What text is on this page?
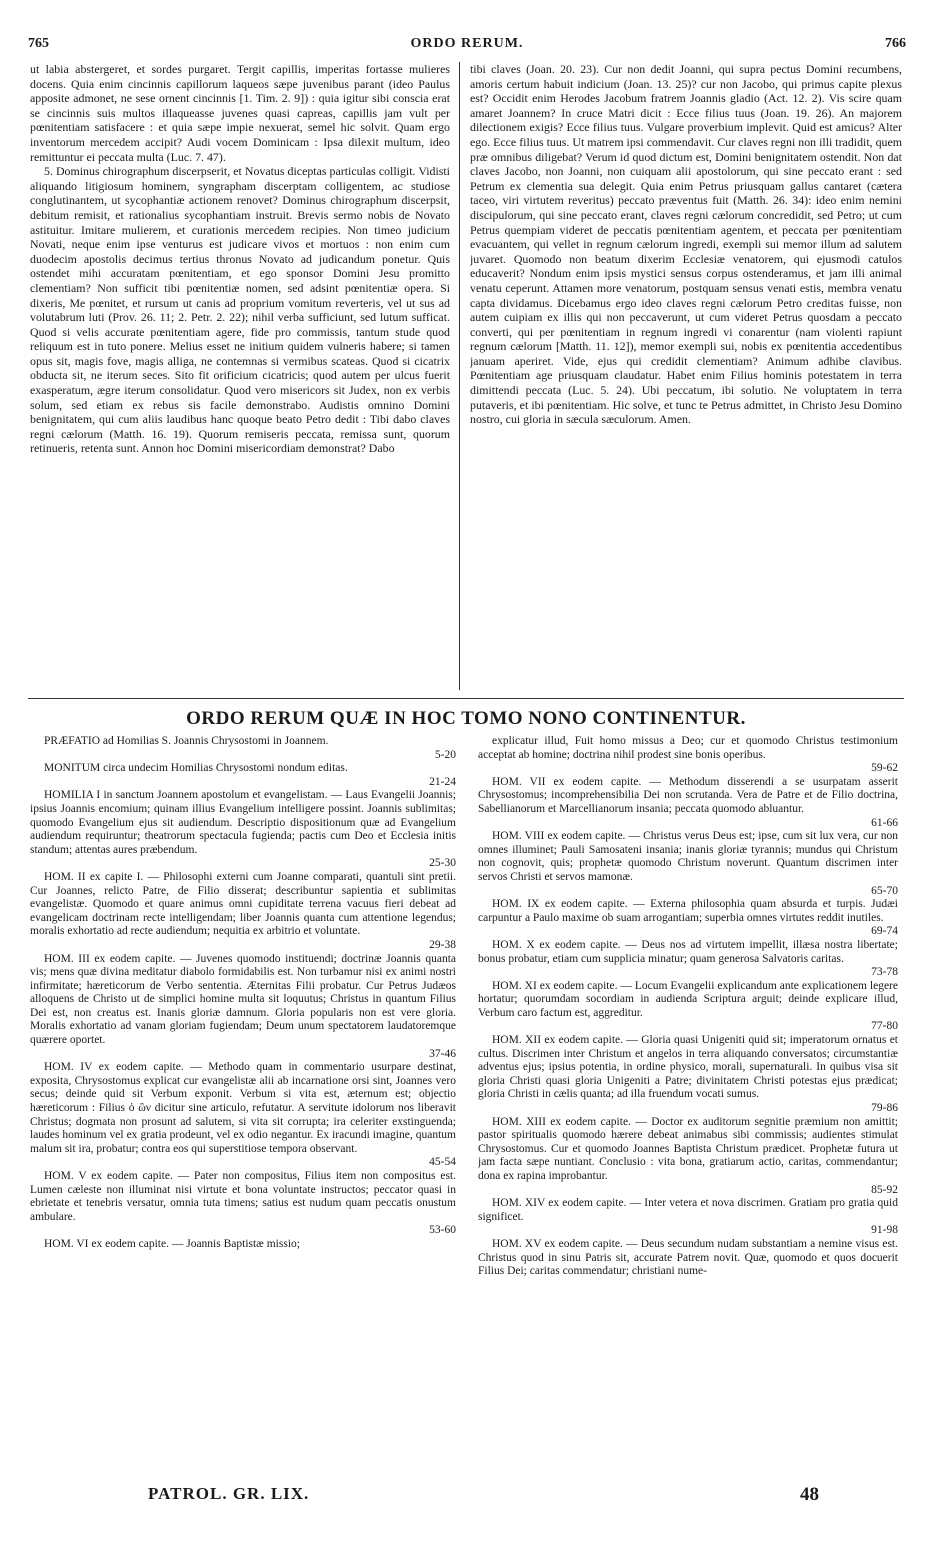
765	ORDO RERUM.	766

ut labia abstergeret, et sordes purgaret. Tergit capillis, imperitas fortasse mulieres docens. Quia enim cincinnis capillorum laqueos sæpe juvenibus parant (ideo Paulus apposite admonet, ne sese ornent cincinnis [1. Tim. 2. 9]) : quia igitur sibi conscia erat se cincinnis suis multos illaqueasse juvenes quasi capreas, capillis jam vult per pœnitentiam satisfacere : et quia sæpe impie nexuerat, semel hic solvit. Quam ergo inventorum mercedem accipit? Audi vocem Dominicam : Ipsa dilexit multum, ideo remittuntur ei peccata multa (Luc. 7. 47).

5. Dominus chirographum discerpserit, et Novatus diceptas particulas colligit. Vidisti aliquando litigiosum hominem, syngrapham discerptam colligentem, ac studiose conglutinantem, ut sycophantiæ actionem renovet? Dominus chirographum discerpsit, debitum remisit, et rationalius sycophantiam instruit. Brevis sermo nobis de Novato astituitur. Imitare mulierem, et curationis mercedem recipies. Non timeo judicium Novati, neque enim ipse venturus est judicare vivos et mortuos : non enim cum duodecim apostolis decimus tertius thronus Novato ad judicandum ponetur. Quis ostendet mihi accuratam pœnitentiam, et ego sponsor Domini Jesu promitto clementiam? Non sufficit tibi pœnitentiæ nomen, sed adsint pœnitentiæ opera. Si dixeris, Me pœnitet, et rursum ut canis ad proprium vomitum reverteris, vel ut sus ad volutabrum luti (Prov. 26. 11; 2. Petr. 2. 22); nihil verba sufficiunt, sed lutum sufficat. Quod si velis accurate pœnitentiam agere, fide pro commissis, tantum stude quod reliquum est in tuto ponere. Melius esset ne initium quidem vulneris habere; si tamen opus sit, magis fove, magis alliga, ne contemnas si vermibus scateas. Quod si cicatrix obducta sit, ne iterum seces. Sito fit orificium cicatricis; quod autem per ulcus fuerit exasperatum, ægre iterum consolidatur. Quod vero misericors sit Judex, non ex verbis solum, sed etiam ex rebus sis facile demonstrabo. Audistis omnino Domini benignitatem, qui cum aliis laudibus hanc quoque beato Petro dedit : Tibi dabo claves regni cælorum (Matth. 16. 19). Quorum remiseris peccata, remissa sunt, quorum retinueris, retenta sunt. Annon hoc Domini misericordiam demonstrat? Dabo

tibi claves (Joan. 20. 23). Cur non dedit Joanni, qui supra pectus Domini recumbens, amoris certum habuit indicium (Joan. 13. 25)? cur non Jacobo, qui primus capite plexus est? Occidit enim Herodes Jacobum fratrem Joannis gladio (Act. 12. 2). Vis scire quam amaret Joannem? In cruce Matri dicit : Ecce filius tuus (Joan. 19. 26). An majorem dilectionem exigis? Ecce filius tuus. Vulgare proverbium implevit. Quid est amicus? Alter ego. Ecce filius tuus. Ut matrem ipsi commendavit. Cur claves regni non illi tradidit, quem præ omnibus diligebat? Verum id quod dictum est, Domini benignitatem ostendit. Non dat claves Jacobo, non Joanni, non cuiquam alii apostolorum, qui sine peccato erant : sed Petrum ex clementia sua delegit. Quia enim Petrus priusquam gallus cantaret (cætera taceo, viri virtutem reveritus) peccato præventus fuit (Matth. 26. 34): ideo enim nemini discipulorum, qui sine peccato erant, claves regni cælorum concredidit, sed Petro; ut cum Petrus quempiam videret de peccatis pœnitentiam agentem, et peccata per pœnitentiam evacuantem, qui vellet in regnum cælorum ingredi, exempli sui memor illum ad salutem juvaret. Quomodo non beatum dixerim Ecclesiæ venatorem, qui ejusmodi catulos educaverit? Nondum enim ipsis mystici sensus corpus ostenderamus, et jam illi animal venatu ceperunt. Attamen more venatorum, postquam sensus venati estis, membra venatu capta dividamus. Dicebamus ergo ideo claves regni cælorum Petro creditas fuisse, non autem cuipiam ex illis qui non peccaverunt, ut cum videret Petrus quosdam a peccato converti, qui per pœnitentiam in regnum ingredi vi conarentur (nam violenti rapiunt regnum cælorum [Matth. 11. 12]), memor exempli sui, nobis ex pœnitentia accedentibus januam aperiret. Vide, ejus qui credidit clementiam? Animum adhibe clavibus. Pœnitentiam age priusquam claudatur. Habet enim Filius hominis potestatem in terra dimittendi peccata (Luc. 5. 24). Ubi peccatum, ibi solutio. Ne voluptatem in terra putaveris, et ibi pœnitentiam. Hic solve, et tunc te Petrus admittet, in Christo Jesu Domino nostro, cui gloria in sæcula sæculorum. Amen.

ORDO RERUM QUÆ IN HOC TOMO NONO CONTINENTUR.

PRÆFATIO ad Homilias S. Joannis Chrysostomi in Joannem.
5-20

MONITUM circa undecim Homilias Chrysostomi nondum editas.
21-24

HOMILIA I in sanctum Joannem apostolum et evangelistam. — Laus Evangelii Joannis; ipsius Joannis encomium; quinam illius Evangelium intelligere possint. Joannis sublimitas; quomodo Evangelium ejus sit audiendum. Descriptio dispositionum quæ ad Evangelium audiendum requiruntur; theatrorum spectacula fugienda; pactis cum Deo et Ecclesia initis standum; attentas aures præbendum.
25-30

HOM. II ex capite I. — Philosophi externi cum Joanne comparati, quantuli sint pretii. Cur Joannes, relicto Patre, de Filio disserat; describuntur sapientia et sublimitas evangelistæ. Quomodo et quare animus omni cupiditate terrena vacuus fieri debeat ad evangelicam doctrinam recte intelligendam; liber Joannis quanta cum attentione legendus; moralis exhortatio ad recte audiendum; nequitia ex arbitrio et voluntate.
29-38

HOM. III ex eodem capite. — Juvenes quomodo instituendi; doctrinæ Joannis quanta vis; mens quæ divina meditatur diabolo formidabilis est. Non turbamur nisi ex animi nostri infirmitate; hæreticorum de Verbo sententia. Æternitas Filii probatur. Cur Petrus Judæos alloquens de Christo ut de simplici homine multa sit loquutus; Christus in quantum Filius Dei est, non creatus est. Inanis gloriæ damnum. Gloria popularis non est vere gloria. Moralis exhortatio ad vanam gloriam fugiendam; Deum unum spectatorem laudatoremque quærere oportet.
37-46

HOM. IV ex eodem capite. — Methodo quam in commentario usurpare destinat, exposita, Chrysostomus explicat cur evangelistæ alii ab incarnatione orsi sint, Joannes vero secus; deinde quid sit Verbum exponit. Verbum si vita est, æternum est; objectio hæreticorum : Filius ὁ ὢν dicitur sine articulo, refutatur. A servitute idolorum nos liberavit Christus; dogmata non prosunt ad salutem, si vita sit corrupta; ira celeriter exstinguenda; laudes hominum vel ex gratia prodeunt, vel ex odio negantur. Ex iracundi imagine, quantum malum sit ira, probatur; contra eos qui superstitiose tempora observant.
45-54

HOM. V ex eodem capite. — Pater non compositus, Filius item non compositus est. Lumen cæleste non illuminat nisi virtute et bona voluntate instructos; peccator quasi in ebrietate et tenebris versatur, omnia tuta timens; satius est nudum quam peccatis onustum ambulare.
53-60

HOM. VI ex eodem capite. — Joannis Baptistæ missio;

explicatur illud, Fuit homo missus a Deo; cur et quomodo Christus testimonium acceptat ab homine; doctrina nihil prodest sine bonis operibus.
59-62

HOM. VII ex eodem capite. — Methodum disserendi a se usurpatam asserit Chrysostomus; incomprehensibilia Dei non scrutanda. Vera de Patre et de Filio doctrina, Sabellianorum et Marcellianorum insania; peccata quomodo abluantur.
61-66

HOM. VIII ex eodem capite. — Christus verus Deus est; ipse, cum sit lux vera, cur non omnes illuminet; Pauli Samosateni insania; inanis gloriæ tyrannis; mundus qui Christum non cognovit, quis; prophetæ quomodo Christum noverunt. Quantum discrimen inter servos Christi et servos mamonæ.
65-70

HOM. IX ex eodem capite. — Externa philosophia quam absurda et turpis. Judæi carpuntur a Paulo maxime ob suam arrogantiam; superbia omnes virtutes reddit inutiles.
69-74

HOM. X ex eodem capite. — Deus nos ad virtutem impellit, illæsa nostra libertate; bonus probatur, etiam cum supplicia minatur; quam generosa Salvatoris caritas.
73-78

HOM. XI ex eodem capite. — Locum Evangelii explicandum ante explicationem legere hortatur; quorumdam socordiam in audienda Scriptura arguit; deinde explicare illud, Verbum caro factum est, aggreditur.
77-80

HOM. XII ex eodem capite. — Gloria quasi Unigeniti quid sit; imperatorum ornatus et cultus. Discrimen inter Christum et angelos in terra aliquando conversatos; circumstantiæ adventus ejus; ipsius potentia, in ordine physico, morali, supernaturali. In quibus visa sit gloria Christi quasi gloria Unigeniti a Patre; divinitatem Christi potestas ejus prædicat; gloria Christi in cælis quanta; ad illa fruendum vocati sumus.
79-86

HOM. XIII ex eodem capite. — Doctor ex auditorum segnitie præmium non amittit; pastor spiritualis quomodo hærere debeat animabus sibi commissis; audientes stimulat Chrysostomus. Cur et quomodo Joannes Baptista Christum prædicet. Prophetæ futura ut jam facta sæpe nuntiant. Conclusio : vita bona, gratiarum actio, caritas, commendantur; dona ex rapina improbantur.
85-92

HOM. XIV ex eodem capite. — Inter vetera et nova discrimen. Gratiam pro gratia quid significet.
91-98

HOM. XV ex eodem capite. — Deus secundum nudam substantiam a nemine visus est. Christus quod in sinu Patris sit, accurate Patrem novit. Quæ, quomodo et quos docuerit Filius Dei; caritas commendatur; christiani nume-

PATROL. GR. LIX.	48
